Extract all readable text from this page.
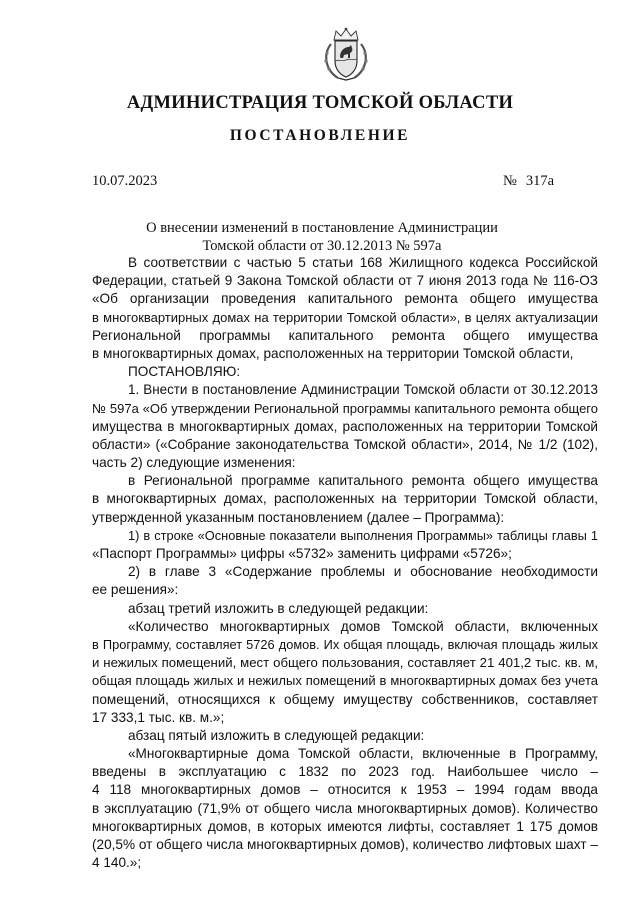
АДМИНИСТРАЦИЯ ТОМСКОЙ ОБЛАСТИ
ПОСТАНОВЛЕНИЕ
10.07.2023	№ 317а
О внесении изменений в постановление Администрации
Томской области от 30.12.2013 № 597а
В соответствии с частью 5 статьи 168 Жилищного кодекса Российской
Федерации, статьей 9 Закона Томской области от 7 июня 2013 года № 116-ОЗ
«Об организации проведения капитального ремонта общего имущества
в многоквартирных домах на территории Томской области», в целях актуализации
Региональной программы капитального ремонта общего имущества
в многоквартирных домах, расположенных на территории Томской области,
ПОСТАНОВЛЯЮ:
1. Внести в постановление Администрации Томской области от 30.12.2013
№ 597а «Об утверждении Региональной программы капитального ремонта общего
имущества в многоквартирных домах, расположенных на территории Томской
области» («Собрание законодательства Томской области», 2014, № 1/2 (102),
часть 2) следующие изменения:
в Региональной программе капитального ремонта общего имущества
в многоквартирных домах, расположенных на территории Томской области,
утвержденной указанным постановлением (далее – Программа):
1) в строке «Основные показатели выполнения Программы» таблицы главы 1
«Паспорт Программы» цифры «5732» заменить цифрами «5726»;
2) в главе 3 «Содержание проблемы и обоснование необходимости
ее решения»:
абзац третий изложить в следующей редакции:
«Количество многоквартирных домов Томской области, включенных
в Программу, составляет 5726 домов. Их общая площадь, включая площадь жилых
и нежилых помещений, мест общего пользования, составляет 21 401,2 тыс. кв. м,
общая площадь жилых и нежилых помещений в многоквартирных домах без учета
помещений, относящихся к общему имуществу собственников, составляет
17 333,1 тыс. кв. м.»;
абзац пятый изложить в следующей редакции:
«Многоквартирные дома Томской области, включенные в Программу,
введены в эксплуатацию с 1832 по 2023 год. Наибольшее число –
4 118 многоквартирных домов – относится к 1953 – 1994 годам ввода
в эксплуатацию (71,9% от общего числа многоквартирных домов). Количество
многоквартирных домов, в которых имеются лифты, составляет 1 175 домов
(20,5% от общего числа многоквартирных домов), количество лифтовых шахт –
4 140.»;
